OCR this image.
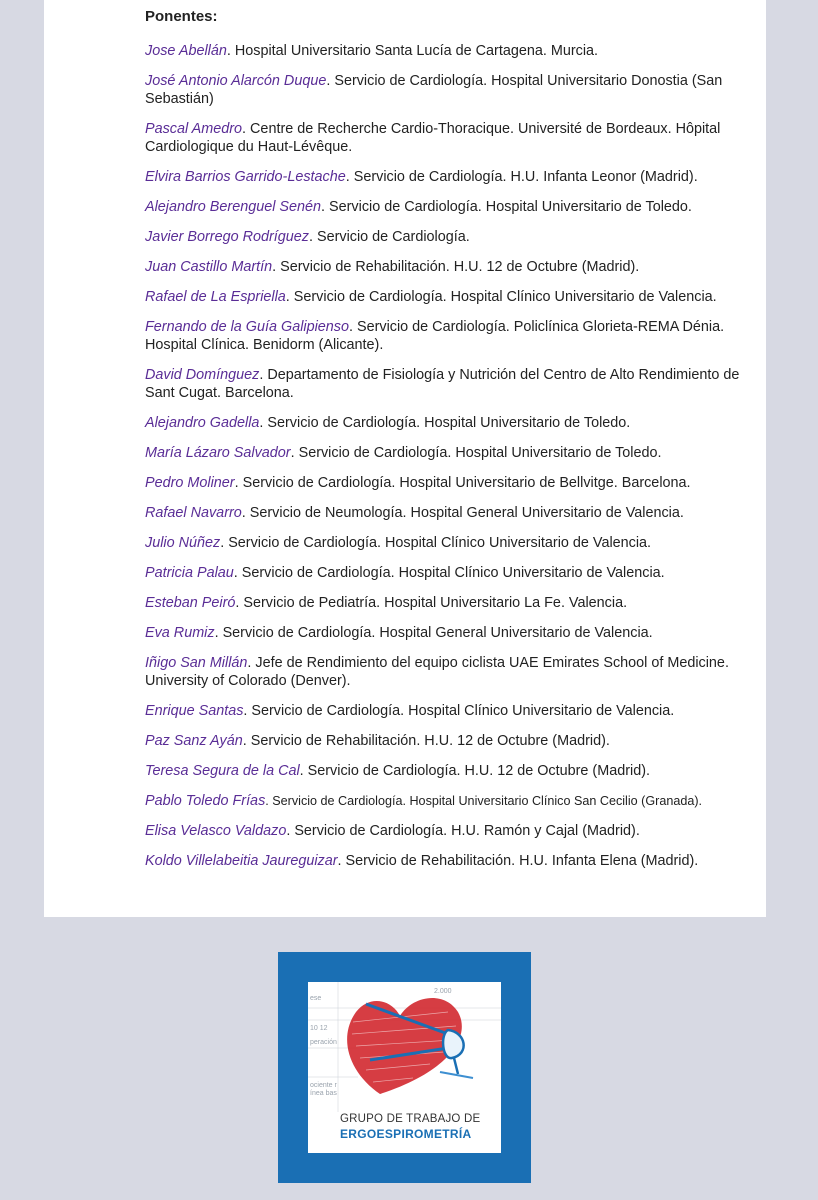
Ponentes:
Jose Abellán. Hospital Universitario Santa Lucía de Cartagena. Murcia.
José Antonio Alarcón Duque. Servicio de Cardiología. Hospital Universitario Donostia (San Sebastián)
Pascal Amedro. Centre de Recherche Cardio-Thoracique. Université de Bordeaux. Hôpital Cardiologique du Haut-Lévêque.
Elvira Barrios Garrido-Lestache. Servicio de Cardiología. H.U. Infanta Leonor (Madrid).
Alejandro Berenguel Senén. Servicio de Cardiología. Hospital Universitario de Toledo.
Javier Borrego Rodríguez. Servicio de Cardiología.
Juan Castillo Martín. Servicio de Rehabilitación. H.U. 12 de Octubre (Madrid).
Rafael de La Espriella. Servicio de Cardiología. Hospital Clínico Universitario de Valencia.
Fernando de la Guía Galipienso. Servicio de Cardiología. Policlínica Glorieta-REMA Dénia. Hospital Clínica. Benidorm (Alicante).
David Domínguez. Departamento de Fisiología y Nutrición del Centro de Alto Rendimiento de Sant Cugat. Barcelona.
Alejandro Gadella. Servicio de Cardiología. Hospital Universitario de Toledo.
María Lázaro Salvador. Servicio de Cardiología. Hospital Universitario de Toledo.
Pedro Moliner. Servicio de Cardiología. Hospital Universitario de Bellvitge. Barcelona.
Rafael Navarro. Servicio de Neumología. Hospital General Universitario de Valencia.
Julio Núñez. Servicio de Cardiología. Hospital Clínico Universitario de Valencia.
Patricia Palau. Servicio de Cardiología. Hospital Clínico Universitario de Valencia.
Esteban Peiró. Servicio de Pediatría. Hospital Universitario La Fe. Valencia.
Eva Rumiz. Servicio de Cardiología. Hospital General Universitario de Valencia.
Iñigo San Millán. Jefe de Rendimiento del equipo ciclista UAE Emirates School of Medicine. University of Colorado (Denver).
Enrique Santas. Servicio de Cardiología. Hospital Clínico Universitario de Valencia.
Paz Sanz Ayán. Servicio de Rehabilitación. H.U. 12 de Octubre (Madrid).
Teresa Segura de la Cal. Servicio de Cardiología. H.U. 12 de Octubre (Madrid).
Pablo Toledo Frías. Servicio de Cardiología. Hospital Universitario Clínico San Cecilio (Granada).
Elisa Velasco Valdazo. Servicio de Cardiología. H.U. Ramón y Cajal (Madrid).
Koldo Villelabeitia Jaureguizar. Servicio de Rehabilitación. H.U. Infanta Elena (Madrid).
2.000
ese
10 12
peración
ociente r
ínea bas
GRUPO DE TRABAJO DE
ERGOESPIROMETRÍA
